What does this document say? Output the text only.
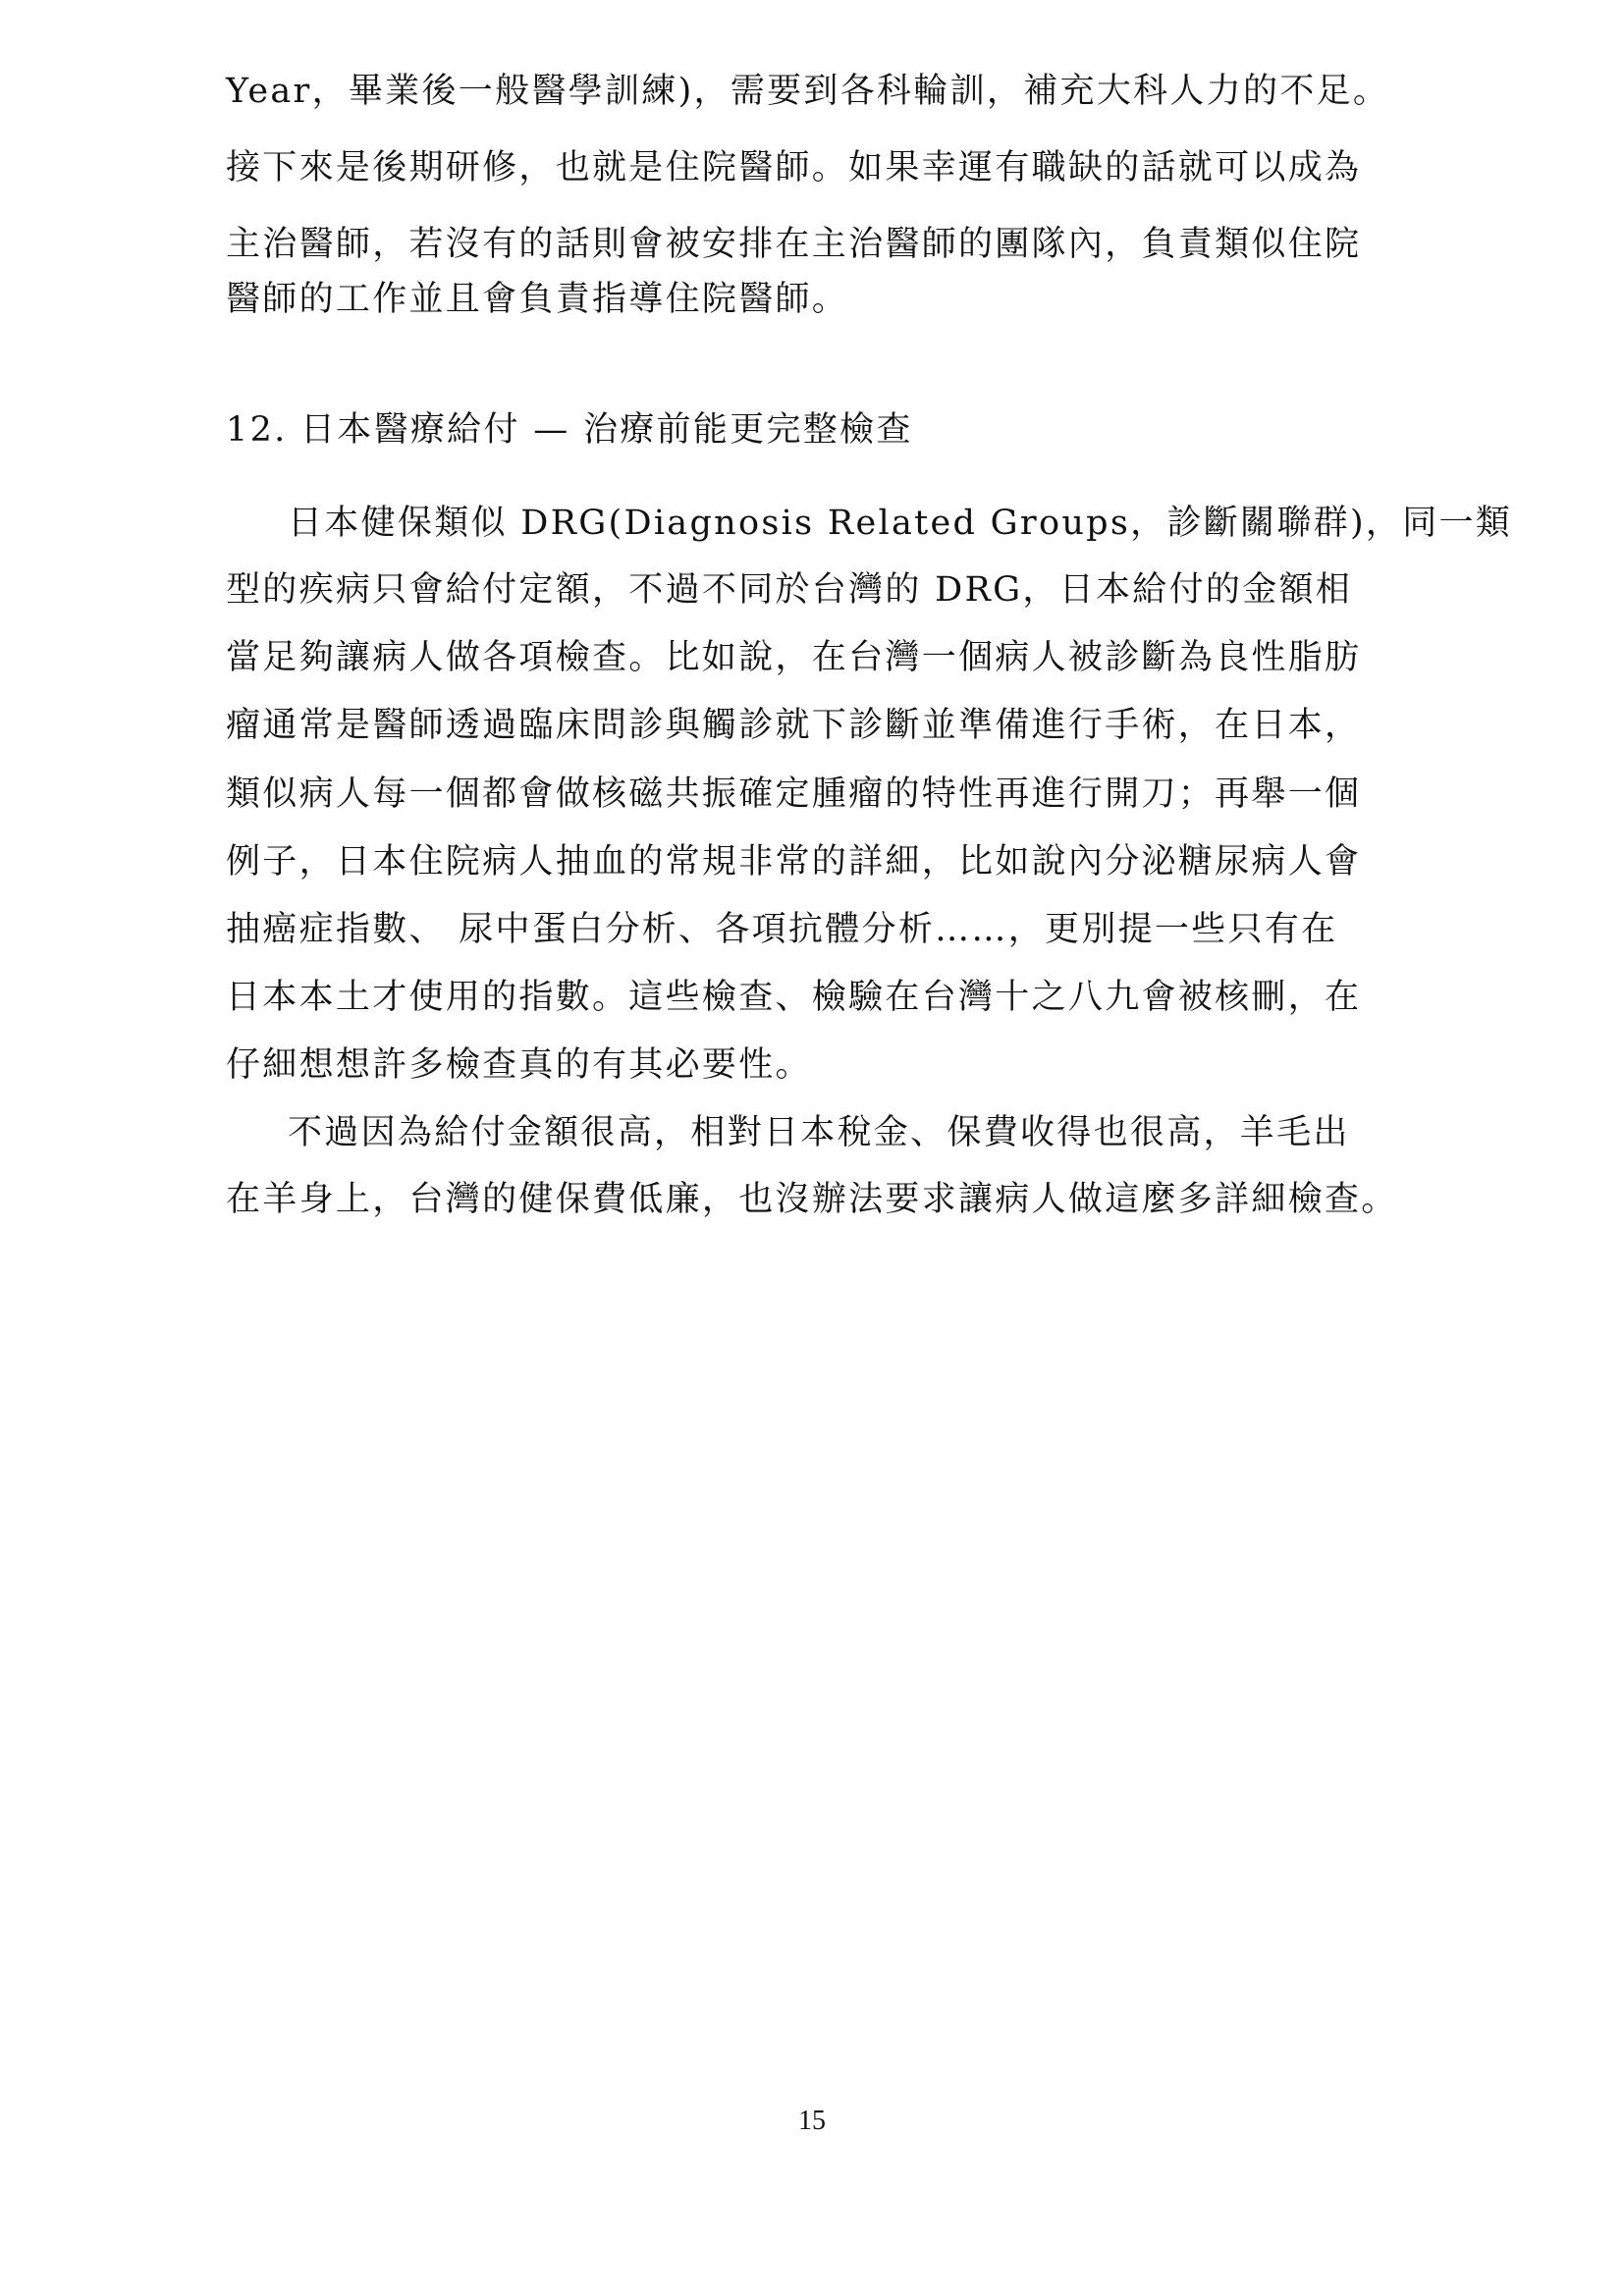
Year，畢業後一般醫學訓練)，需要到各科輪訓，補充大科人力的不足。
接下來是後期研修，也就是住院醫師。如果幸運有職缺的話就可以成為
主治醫師，若沒有的話則會被安排在主治醫師的團隊內，負責類似住院
醫師的工作並且會負責指導住院醫師。
12. 日本醫療給付 — 治療前能更完整檢查
日本健保類似 DRG(Diagnosis Related Groups，診斷關聯群)，同一類
型的疾病只會給付定額，不過不同於台灣的 DRG，日本給付的金額相
當足夠讓病人做各項檢查。比如說，在台灣一個病人被診斷為良性脂肪
瘤通常是醫師透過臨床問診與觸診就下診斷並準備進行手術，在日本，
類似病人每一個都會做核磁共振確定腫瘤的特性再進行開刀；再舉一個
例子，日本住院病人抽血的常規非常的詳細，比如說內分泌糖尿病人會
抽癌症指數、 尿中蛋白分析、各項抗體分析……，更別提一些只有在
日本本土才使用的指數。這些檢查、檢驗在台灣十之八九會被核刪，在
仔細想想許多檢查真的有其必要性。
不過因為給付金額很高，相對日本稅金、保費收得也很高，羊毛出
在羊身上，台灣的健保費低廉，也沒辦法要求讓病人做這麼多詳細檢查。
15
